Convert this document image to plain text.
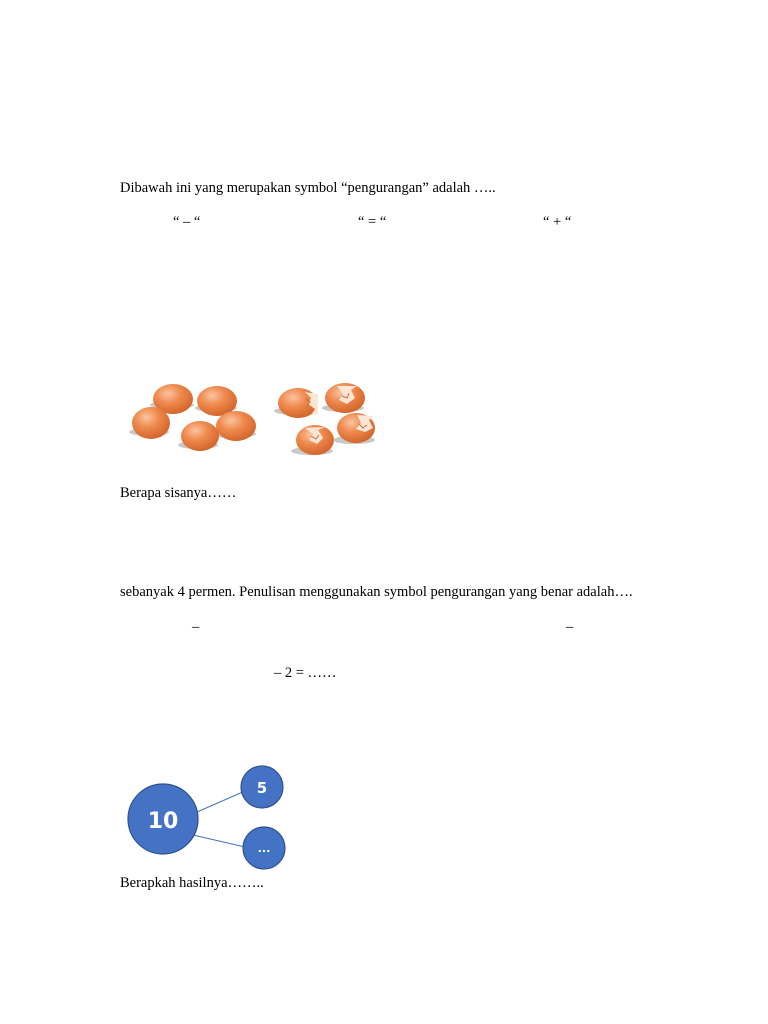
Dibawah ini yang merupakan symbol “pengurangan” adalah …..
“ – “	“ = “	“ + “
Berapa sisanya……
sebanyak 4 permen. Penulisan menggunakan symbol pengurangan yang benar adalah….
–	–
– 2 = ……
10
5
...
Berapkah hasilnya……..
